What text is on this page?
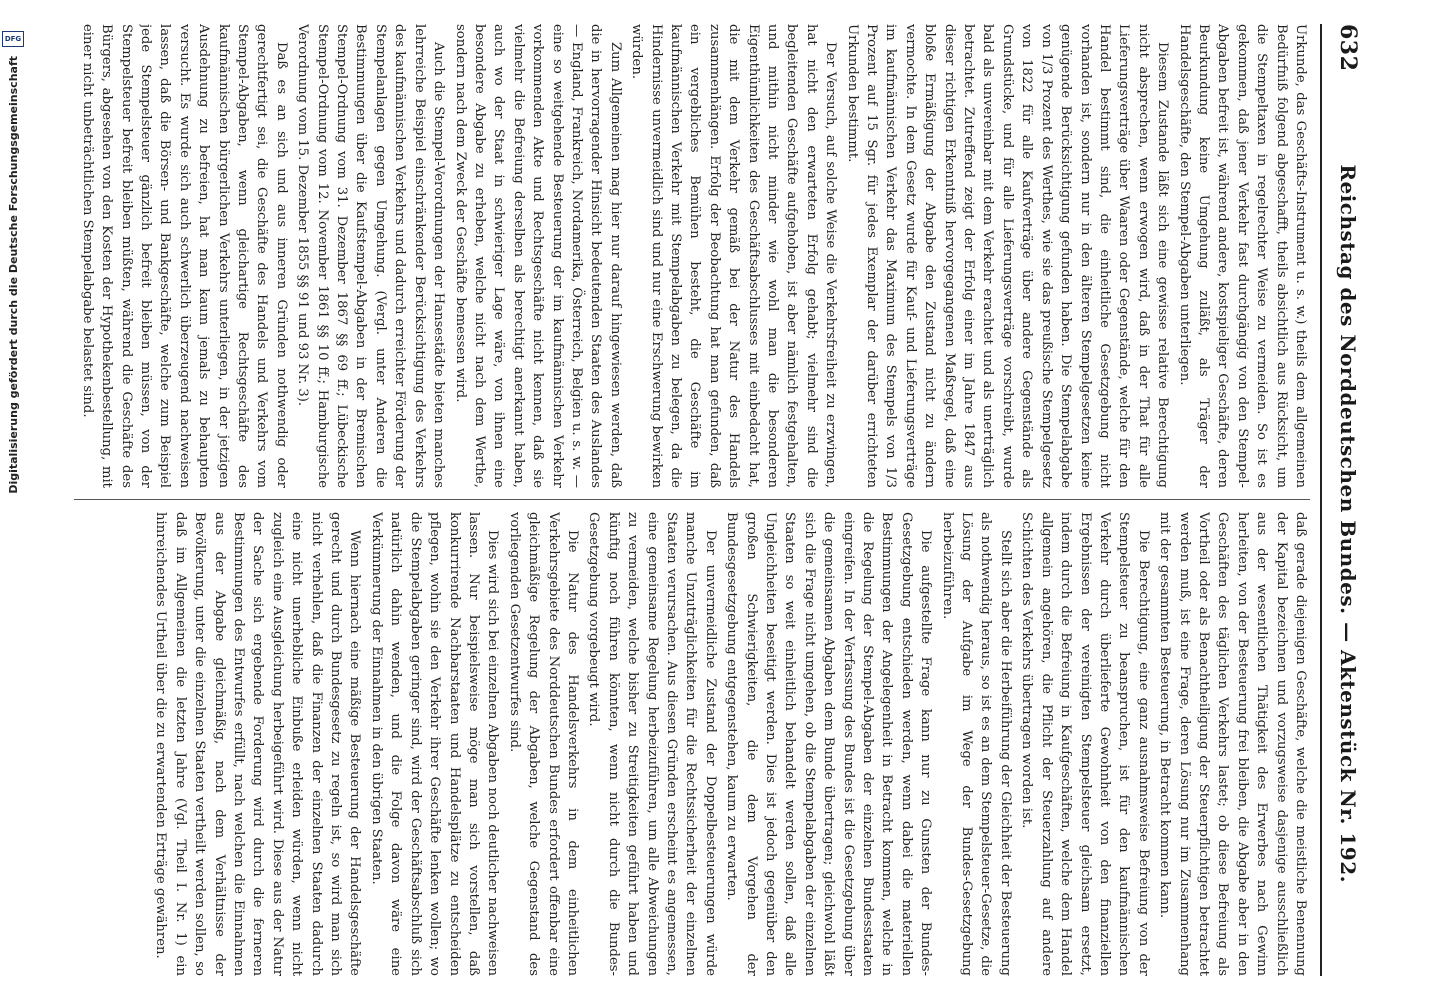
632
Reichstag des Norddeutschen Bundes. — Aktenstück Nr. 192.

Urkunde, das Geschäfts-Instrument u. s. w.) theils dem allgemeinen Bedürfniß folgend abgeschafft, theils absichtlich aus Rücksicht, um die Stempeltaxen in regelrechter Weise zu vermeiden. So ist es gekommen, daß jener Verkehr fast durchgängig von den Stempel-Abgaben befreit ist, während andere, kostspieliger Geschäfte, deren Beurkundung keine Umgehung zuläßt, als Träger der Handelsgeschäfte, den Stempel-Abgaben unterliegen.

Diesem Zustande läßt sich eine gewisse relative Berechtigung nicht absprechen, wenn erwogen wird, daß in der That für alle Lieferungsverträge über Waaren oder Gegenstände, welche für den Handel bestimmt sind, die einheitliche Gesetzgebung nicht vorhanden ist, sondern nur in den älteren Stempelgesetzen keine genügende Berücksichtigung gefunden haben. Die Stempelabgabe von 1/3 Prozent des Werthes, wie sie das preußische Stempelgesetz von 1822 für alle Kaufverträge über andere Gegenstände als Grundstücke, und für alle Lieferungsverträge vorschreibt, wurde bald als unvereinbar mit dem Verkehr erachtet und als unerträglich betrachtet. Zutreffend zeigt der Erfolg einer im Jahre 1847 aus dieser richtigen Erkenntniß hervorgegangenen Maßregel, daß eine bloße Ermäßigung der Abgabe den Zustand nicht zu ändern vermochte. In dem Gesetz wurde für Kauf- und Lieferungsverträge im kaufmännischen Verkehr das Maximum des Stempels von 1/3 Prozent auf 15 Sgr. für jedes Exemplar der darüber errichteten Urkunden bestimmt.

Der Versuch, auf solche Weise die Verkehrsfreiheit zu erzwingen, hat nicht den erwarteten Erfolg gehabt; vielmehr sind die begleitenden Geschäfte aufgehoben, ist aber nämlich festgehalten, und mithin nicht minder wie wohl man die besonderen Eigenthümlichkeiten des Geschäftsabschlusses mit einbedacht hat, die mit dem Verkehr gemäß bei der Natur des Handels zusammenhängen. Erfolg der Beobachtung hat man gefunden, daß ein vergebliches Bemühen besteht, die Geschäfte im kaufmännischen Verkehr mit Stempelabgaben zu belegen, da die Hindernisse unvermeidlich sind und nur eine Erschwerung bewirken würden.

Zum Allgemeinen mag hier nur darauf hingewiesen werden, daß die in hervorragender Hinsicht bedeutenden Staaten des Auslandes — England, Frankreich, Nordamerika, Österreich, Belgien u. s. w. — eine so weitgehende Besteuerung der im kaufmännischen Verkehr vorkommenden Akte und Rechtsgeschäfte nicht kennen, daß sie vielmehr die Befreiung derselben als berechtigt anerkannt haben, auch wo der Staat in schwieriger Lage wäre, von ihnen eine besondere Abgabe zu erheben, welche nicht nach dem Werthe, sondern nach dem Zweck der Geschäfte bemessen wird.

Auch die Stempel-Verordnungen der Hansestädte bieten manches lehrreiche Beispiel einschränkender Berücksichtigung des Verkehrs des kaufmännischen Verkehrs und dadurch erreichter Förderung der Stempelanlagen gegen Umgehung. (Vergl. unter Anderen die Bestimmungen über die Kaufstempel-Abgaben in der Bremischen Stempel-Ordnung vom 31. Dezember 1867 §§ 69 ff.; Lübeckische Stempel-Ordnung vom 12. November 1861 §§ 10 ff.; Hamburgische Verordnung vom 15. Dezember 1855 §§ 91 und 93 Nr. 3).

Daß es an sich und aus inneren Gründen nothwendig oder gerechtfertigt sei, die Geschäfte des Handels und Verkehrs vom Stempel-Abgaben, wenn gleichartige Rechtsgeschäfte des kaufmännischen bürgerlichen Verkehrs unterliegen, in der jetzigen Ausdehnung zu befreien, hat man kaum jemals zu behaupten versucht. Es wurde sich auch schwerlich überzeugend nachweisen lassen, daß die Börsen- und Bankgeschäfte, welche zum Beispiel jede Stempelsteuer gänzlich befreit bleiben müssen, von der Stempelsteuer befreit bleiben müßten, während die Geschäfte des Bürgers, abgesehen von den Kosten der Hypothekenbestellung, mit einer nicht unbeträchtlichen Stempelabgabe belastet sind.

daß gerade diejenigen Geschäfte, welche die meistliche Benennung der Kapital bezeichnen und vorzugsweise dasjenige ausschließlich aus der wesentlichen Thätigkeit des Erwerbes nach Gewinn herleiten, von der Besteuerung frei bleiben, die Abgabe aber in den Geschäften des täglichen Verkehrs lastet; ob diese Befreiung als Vortheil oder als Benachtheiligung der Steuerpflichtigen betrachtet werden muß, ist eine Frage, deren Lösung nur im Zusammenhang mit der gesammten Besteuerung, in Betracht kommen kann.

Die Berechtigung, eine ganz ausnahmsweise Befreiung von der Stempelsteuer zu beanspruchen, ist für den kaufmännischen Verkehr durch überlieferte Gewohnheit von den finanziellen Ergebnissen der vereinigten Stempelsteuer gleichsam ersetzt, indem durch die Befreiung in Kaufgeschäften, welche dem Handel allgemein angehören, die Pflicht der Steuerzahlung auf andere Schichten des Verkehrs übertragen worden ist.

Stellt sich aber die Herbeiführung der Gleichheit der Besteuerung als nothwendig heraus, so ist es an dem Stempelsteuer-Gesetze, die Lösung der Aufgabe im Wege der Bundes-Gesetzgebung herbeizuführen.

Die aufgestellte Frage kann nur zu Gunsten der Bundes-Gesetzgebung entschieden werden, wenn dabei die materiellen Bestimmungen der Angelegenheit in Betracht kommen, welche in die Regelung der Stempel-Abgaben der einzelnen Bundesstaaten eingreifen. In der Verfassung des Bundes ist die Gesetzgebung über die gemeinsamen Abgaben dem Bunde übertragen; gleichwohl läßt sich die Frage nicht umgehen, ob die Stempelabgaben der einzelnen Staaten so weit einheitlich behandelt werden sollen, daß alle Ungleichheiten beseitigt werden. Dies ist jedoch gegenüber den großen Schwierigkeiten, die dem Vorgehen der Bundesgesetzgebung entgegenstehen, kaum zu erwarten.

Der unvermeidliche Zustand der Doppelbesteuerungen würde manche Unzuträglichkeiten für die Rechtssicherheit der einzelnen Staaten verursachen. Aus diesen Gründen erscheint es angemessen, eine gemeinsame Regelung herbeizuführen, um alle Abweichungen zu vermeiden, welche bisher zu Streitigkeiten geführt haben und künftig noch führen könnten, wenn nicht durch die Bundes-Gesetzgebung vorgebeugt wird.

Die Natur des Handelsverkehrs in dem einheitlichen Verkehrsgebiete des Norddeutschen Bundes erfordert offenbar eine gleichmäßige Regelung der Abgaben, welche Gegenstand des vorliegenden Gesetzentwurfes sind.

Dies wird sich bei einzelnen Abgaben noch deutlicher nachweisen lassen. Nur beispielsweise möge man sich vorstellen, daß konkurrirende Nachbarstaaten und Handelsplätze zu entscheiden pflegen, wohin sie den Verkehr ihrer Geschäfte lenken wollen; wo die Stempelabgaben geringer sind, wird der Geschäftsabschluß sich natürlich dahin wenden, und die Folge davon wäre eine Verkümmerung der Einnahmen in den übrigen Staaten.

Wenn hiernach eine mäßige Besteuerung der Handelsgeschäfte gerecht und durch Bundesgesetz zu regeln ist, so wird man sich nicht verhehlen, daß die Finanzen der einzelnen Staaten dadurch eine nicht unerhebliche Einbuße erleiden würden, wenn nicht zugleich eine Ausgleichung herbeigeführt wird. Diese aus der Natur der Sache sich ergebende Forderung wird durch die ferneren Bestimmungen des Entwurfes erfüllt, nach welchen die Einnahmen aus der Abgabe gleichmäßig, nach dem Verhältnisse der Bevölkerung, unter die einzelnen Staaten vertheilt werden sollen, so daß im Allgemeinen die letzten Jahre (Vgl. Theil I. Nr. 1) ein hinreichendes Urtheil über die zu erwartenden Erträge gewähren.

Digitalisierung gefördert durch die Deutsche Forschungsgemeinschaft
DFG
